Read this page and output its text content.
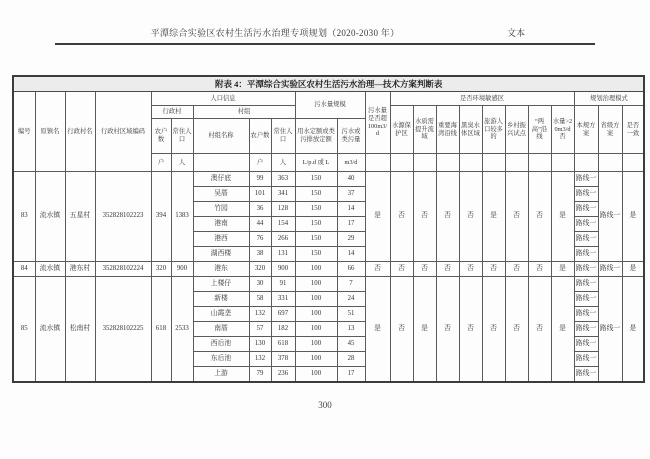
平潭综合实验区农村生活污水治理专项规划（2020-2030 年）	文本
附表 4：平潭综合实验区农村生活污水治理—技术方案判断表																						
编号	原镇名	行政村名	行政村区域编码	人口信息					污水量规模		污水量是否超100m3/d	是否环境敏感区								规划治理模式		
				行政村		村组						水源保护区	水质需提升流域	重要海湾沿线	黑臭水体区域	旅游人口较多的	乡村振兴试点	“两高”沿线	水量>20m3/d否	本规方案	省级方案	是否一致
				农户数	常住人口	村组名称	农户数	常住人口	用水定额或类污排放定额	污水或类污量												
				户	人		户	人	L/p.d 或 L	m3/d												
83	流水镇	五星村	352828102223	394	1383	澳仔底	99	363	150	40	是	否	否	否	否	是	否	否	是	路线一	路线一	是
						吴厝	101	341	150	37										路线一		
						竹园	36	128	150	14										路线一		
						港南	44	154	150	17										路线一		
						港西	76	266	150	29										路线一		
						湖西楼	38	131	150	14										路线一		
84	流水镇	港东村	352828102224	320	900	港东	320	900	100	66	否	否	否	否	否	否	否	否	是	路线一	路线一	是
85	流水镇	松南村	352828102225	618	2533	上楼仔	30	91	100	7	是	否	是	否	否	否	否	否	是	路线一	路线一	是
						新楼	58	331	100	24										路线一		
						山霞垄	132	697	100	51										路线一		
						南厝	57	182	100	13										路线一		
						西后池	130	618	100	45										路线一		
						东后池	132	378	100	28										路线一		
						上游	79	236	100	17										路线一		
300
